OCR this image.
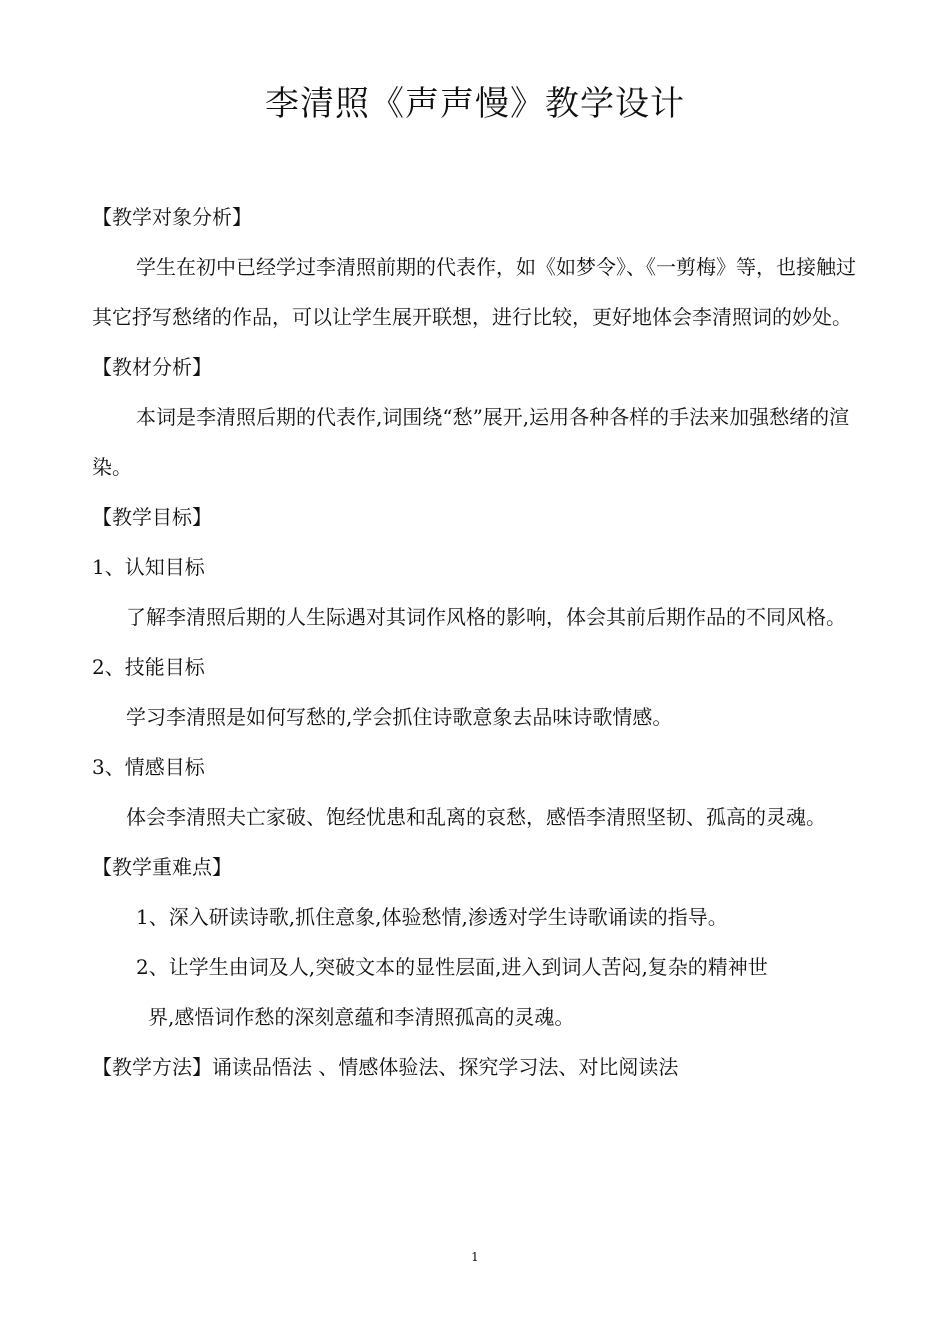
李清照《声声慢》教学设计

【教学对象分析】

学生在初中已经学过李清照前期的代表作，如《如梦令》、《一剪梅》等，也接触过其它抒写愁绪的作品，可以让学生展开联想，进行比较，更好地体会李清照词的妙处。

【教材分析】

本词是李清照后期的代表作,词围绕“愁”展开,运用各种各样的手法来加强愁绪的渲染。

【教学目标】

1、认知目标

了解李清照后期的人生际遇对其词作风格的影响，体会其前后期作品的不同风格。

2、技能目标

学习李清照是如何写愁的,学会抓住诗歌意象去品味诗歌情感。

3、情感目标

体会李清照夫亡家破、饱经忧患和乱离的哀愁，感悟李清照坚韧、孤高的灵魂。

【教学重难点】

1、深入研读诗歌,抓住意象,体验愁情,渗透对学生诗歌诵读的指导。

2、让学生由词及人,突破文本的显性层面,进入到词人苦闷,复杂的精神世

界,感悟词作愁的深刻意蕴和李清照孤高的灵魂。

【教学方法】诵读品悟法 、情感体验法、探究学习法、对比阅读法

1
